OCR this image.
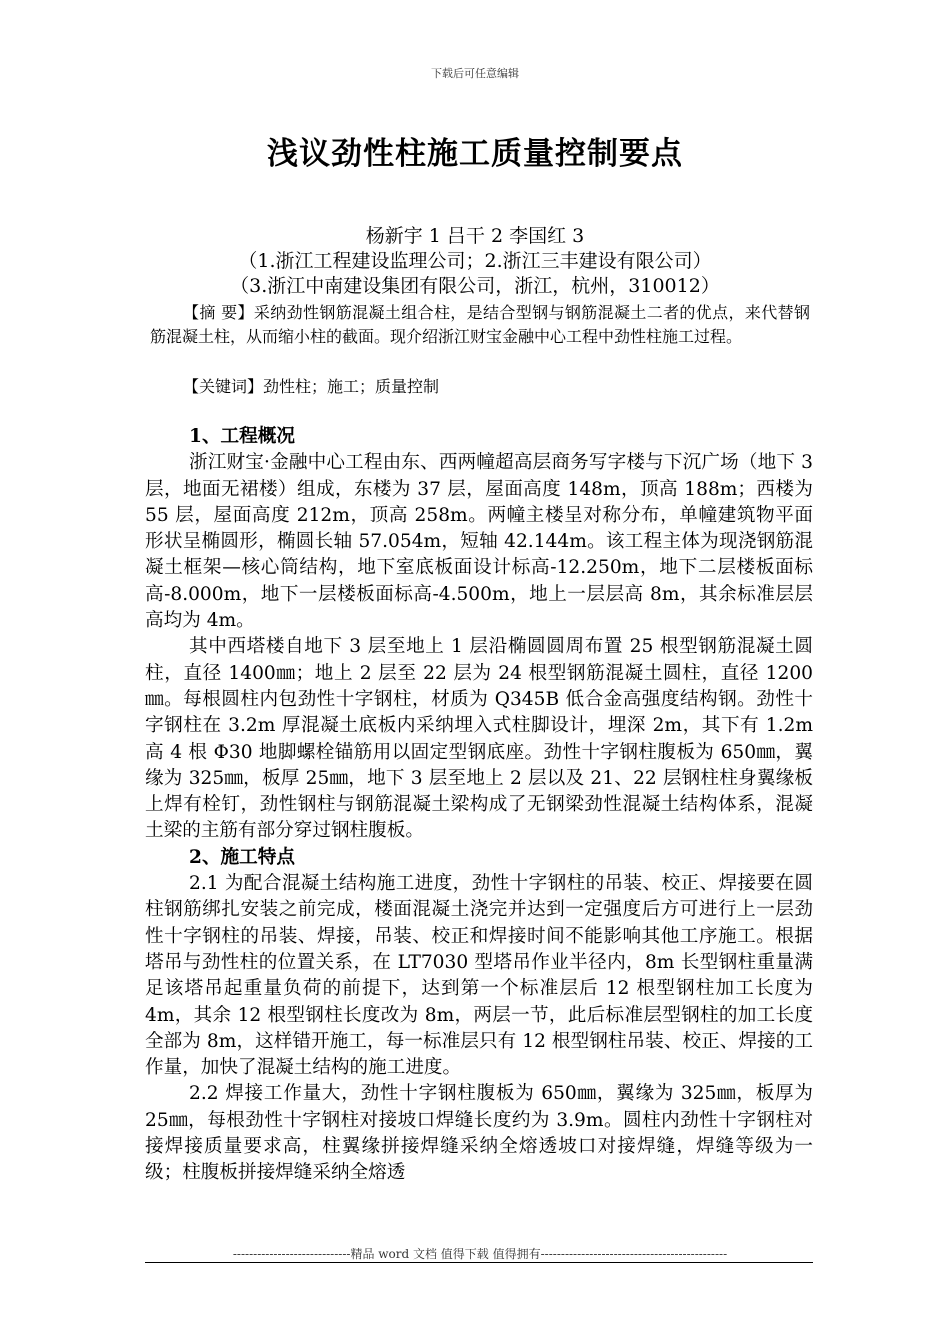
下载后可任意编辑
浅议劲性柱施工质量控制要点
杨新宇 1 吕干 2 李国红 3
（1.浙江工程建设监理公司；2.浙江三丰建设有限公司）
（3.浙江中南建设集团有限公司，浙江，杭州，310012）
【摘 要】采纳劲性钢筋混凝土组合柱，是结合型钢与钢筋混凝土二者的优点，来代替钢筋混凝土柱，从而缩小柱的截面。现介绍浙江财宝金融中心工程中劲性柱施工过程。
【关键词】劲性柱；施工；质量控制
1、工程概况

浙江财宝·金融中心工程由东、西两幢超高层商务写字楼与下沉广场（地下 3 层，地面无裙楼）组成，东楼为 37 层，屋面高度 148m，顶高 188m；西楼为 55 层，屋面高度 212m，顶高 258m。两幢主楼呈对称分布，单幢建筑物平面形状呈椭圆形，椭圆长轴 57.054m，短轴 42.144m。该工程主体为现浇钢筋混凝土框架—核心筒结构，地下室底板面设计标高-12.250m，地下二层楼板面标高-8.000m，地下一层楼板面标高-4.500m，地上一层层高 8m，其余标准层层高均为 4m。

其中西塔楼自地下 3 层至地上 1 层沿椭圆圆周布置 25 根型钢筋混凝土圆柱，直径 1400㎜；地上 2 层至 22 层为 24 根型钢筋混凝土圆柱，直径 1200㎜。每根圆柱内包劲性十字钢柱，材质为 Q345B 低合金高强度结构钢。劲性十字钢柱在 3.2m 厚混凝土底板内采纳埋入式柱脚设计，埋深 2m，其下有 1.2m 高 4 根 Φ30 地脚螺栓锚筋用以固定型钢底座。劲性十字钢柱腹板为 650㎜，翼缘为 325㎜，板厚 25㎜，地下 3 层至地上 2 层以及 21、22 层钢柱柱身翼缘板上焊有栓钉，劲性钢柱与钢筋混凝土梁构成了无钢梁劲性混凝土结构体系，混凝土梁的主筋有部分穿过钢柱腹板。

2、施工特点

2.1 为配合混凝土结构施工进度，劲性十字钢柱的吊装、校正、焊接要在圆柱钢筋绑扎安装之前完成，楼面混凝土浇完并达到一定强度后方可进行上一层劲性十字钢柱的吊装、焊接，吊装、校正和焊接时间不能影响其他工序施工。根据塔吊与劲性柱的位置关系，在 LT7030 型塔吊作业半径内，8m 长型钢柱重量满足该塔吊起重量负荷的前提下，达到第一个标准层后 12 根型钢柱加工长度为 4m，其余 12 根型钢柱长度改为 8m，两层一节，此后标准层型钢柱的加工长度全部为 8m，这样错开施工，每一标准层只有 12 根型钢柱吊装、校正、焊接的工作量，加快了混凝土结构的施工进度。

2.2 焊接工作量大，劲性十字钢柱腹板为 650㎜，翼缘为 325㎜，板厚为 25㎜，每根劲性十字钢柱对接坡口焊缝长度约为 3.9m。圆柱内劲性十字钢柱对接焊接质量要求高，柱翼缘拼接焊缝采纳全熔透坡口对接焊缝，焊缝等级为一级；柱腹板拼接焊缝采纳全熔透

-----------------------------精品 word 文档 值得下载 值得拥有----------------------------------------------
